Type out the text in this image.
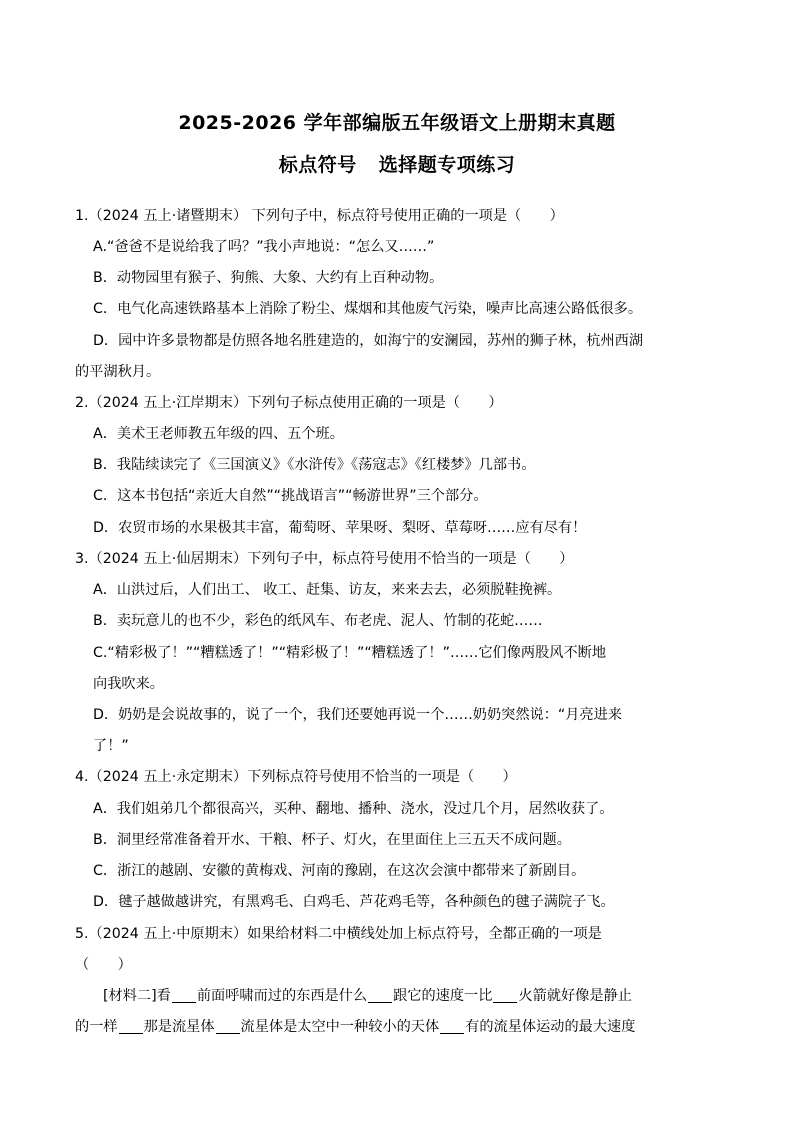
2025-2026 学年部编版五年级语文上册期末真题
标点符号 选择题专项练习
1.（2024 五上·诸暨期末） 下列句子中，标点符号使用正确的一项是（　　）
A.“爸爸不是说给我了吗？”我小声地说：“怎么又……”
B．动物园里有猴子、狗熊、大象、大约有上百种动物。
C．电气化高速铁路基本上消除了粉尘、煤烟和其他废气污染，噪声比高速公路低很多。
D．园中许多景物都是仿照各地名胜建造的，如海宁的安澜园，苏州的狮子林，杭州西湖
的平湖秋月。
2.（2024 五上·江岸期末）下列句子标点使用正确的一项是（　　）
A．美术王老师教五年级的四、五个班。
B．我陆续读完了《三国演义》《水浒传》《荡寇志》《红楼梦》几部书。
C．这本书包括“亲近大自然”“挑战语言”“畅游世界”三个部分。
D．农贸市场的水果极其丰富，葡萄呀、苹果呀、梨呀、草莓呀……应有尽有！
3.（2024 五上·仙居期末）下列句子中，标点符号使用不恰当的一项是（　　）
A．山洪过后，人们出工、 收工、赶集、访友，来来去去，必须脱鞋挽裤。
B．卖玩意儿的也不少，彩色的纸风车、布老虎、泥人、竹制的花蛇……
C.“精彩极了！”“糟糕透了！”“精彩极了！”“糟糕透了！”……它们像两股风不断地
向我吹来。
D．奶奶是会说故事的，说了一个，我们还要她再说一个……奶奶突然说：“月亮进来
了！”
4.（2024 五上·永定期末）下列标点符号使用不恰当的一项是（　　）
A．我们姐弟几个都很高兴，买种、翻地、播种、浇水，没过几个月，居然收获了。
B．洞里经常准备着开水、干粮、杯子、灯火，在里面住上三五天不成问题。
C．浙江的越剧、安徽的黄梅戏、河南的豫剧，在这次会演中都带来了新剧目。
D．毽子越做越讲究，有黑鸡毛、白鸡毛、芦花鸡毛等，各种颜色的毽子满院子飞。
5.（2024 五上·中原期末）如果给材料二中横线处加上标点符号，全都正确的一项是
（　　）
[材料二]看 前面呼啸而过的东西是什么 跟它的速度一比 火箭就好像是静止
的一样 那是流星体 流星体是太空中一种较小的天体 有的流星体运动的最大速度
